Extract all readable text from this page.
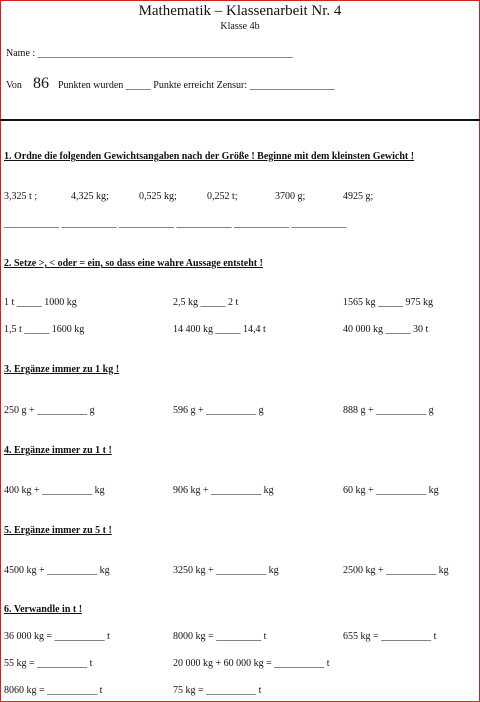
Mathematik – Klassenarbeit Nr. 4
Klasse 4b
Name : ___________________________________________________
Von 86 Punkten wurden _____ Punkte erreicht Zensur: _________________
1. Ordne die folgenden Gewichtsangaben nach der Größe ! Beginne mit dem kleinsten Gewicht !
3,325 t ;	4,325 kg;	0,525 kg;	0,252 t;	3700 g;	4925 g;
___________ ___________ ___________ ___________ ___________ ___________
2. Setze >, < oder = ein, so dass eine wahre Aussage entsteht !
1 t _____ 1000 kg	2,5 kg _____ 2 t	1565 kg _____ 975 kg
1,5 t _____ 1600 kg	14 400 kg _____ 14,4 t	40 000 kg _____ 30 t
3. Ergänze immer zu 1 kg !
250 g + __________ g	596 g + __________ g	888 g + __________ g
4. Ergänze immer zu 1 t !
400 kg + __________ kg	906 kg + __________ kg	60 kg + __________ kg
5. Ergänze immer zu 5 t !
4500 kg + __________ kg	3250 kg + __________ kg	2500 kg + __________ kg
6. Verwandle in t !
36 000 kg = __________ t	8000 kg = _________ t	655 kg = __________ t
55 kg = __________ t	20 000 kg + 60 000 kg = __________ t
8060 kg = __________ t	75 kg = __________ t
